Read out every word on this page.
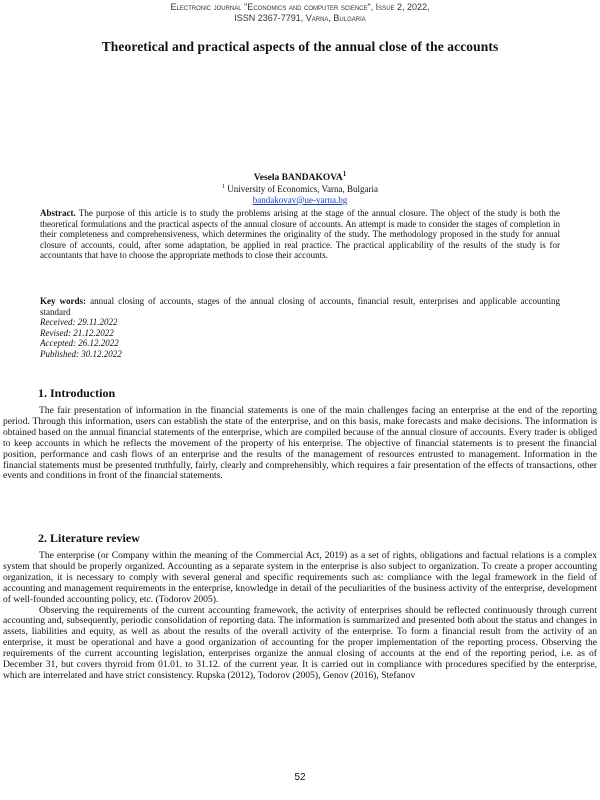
Electronic journal "Economics and computer science", Issue 2, 2022,
ISSN 2367-7791, Varna, Bulgaria
Theoretical and practical aspects of the annual close of the accounts
Vesela BANDAKOVA$^1$
$^1$ University of Economics, Varna, Bulgaria
bandakovav@ue-varna.bg
Abstract. The purpose of this article is to study the problems arising at the stage of the annual closure. The object of the study is both the theoretical formulations and the practical aspects of the annual closure of accounts. An attempt is made to consider the stages of completion in their completeness and comprehensiveness, which determines the originality of the study. The methodology proposed in the study for annual closure of accounts, could, after some adaptation, be applied in real practice. The practical applicability of the results of the study is for accountants that have to choose the appropriate methods to close their accounts.
Key words: annual closing of accounts, stages of the annual closing of accounts, financial result, enterprises and applicable accounting standard
Received: 29.11.2022
Revised: 21.12.2022
Accepted: 26.12.2022
Published: 30.12.2022
1. Introduction

The fair presentation of information in the financial statements is one of the main challenges facing an enterprise at the end of the reporting period. Through this information, users can establish the state of the enterprise, and on this basis, make forecasts and make decisions. The information is obtained based on the annual financial statements of the enterprise, which are compiled because of the annual closure of accounts. Every trader is obliged to keep accounts in which he reflects the movement of the property of his enterprise. The objective of financial statements is to present the financial position, performance and cash flows of an enterprise and the results of the management of resources entrusted to management. Information in the financial statements must be presented truthfully, fairly, clearly and comprehensibly, which requires a fair presentation of the effects of transactions, other events and conditions in front of the financial statements.

2. Literature review

The enterprise (or Company within the meaning of the Commercial Act, 2019) as a set of rights, obligations and factual relations is a complex system that should be properly organized. Accounting as a separate system in the enterprise is also subject to organization. To create a proper accounting organization, it is necessary to comply with several general and specific requirements such as: compliance with the legal framework in the field of accounting and management requirements in the enterprise, knowledge in detail of the peculiarities of the business activity of the enterprise, development of well-founded accounting policy, etc. (Todorov 2005).

Observing the requirements of the current accounting framework, the activity of enterprises should be reflected continuously through current accounting and, subsequently, periodic consolidation of reporting data. The information is summarized and presented both about the status and changes in assets, liabilities and equity, as well as about the results of the overall activity of the enterprise. To form a financial result from the activity of an enterprise, it must be operational and have a good organization of accounting for the proper implementation of the reporting process. Observing the requirements of the current accounting legislation, enterprises organize the annual closing of accounts at the end of the reporting period, i.e. as of December 31, but covers thyroid from 01.01. to 31.12. of the current year. It is carried out in compliance with procedures specified by the enterprise, which are interrelated and have strict consistency. Rupska (2012), Todorov (2005), Genov (2016), Stefanov

52
